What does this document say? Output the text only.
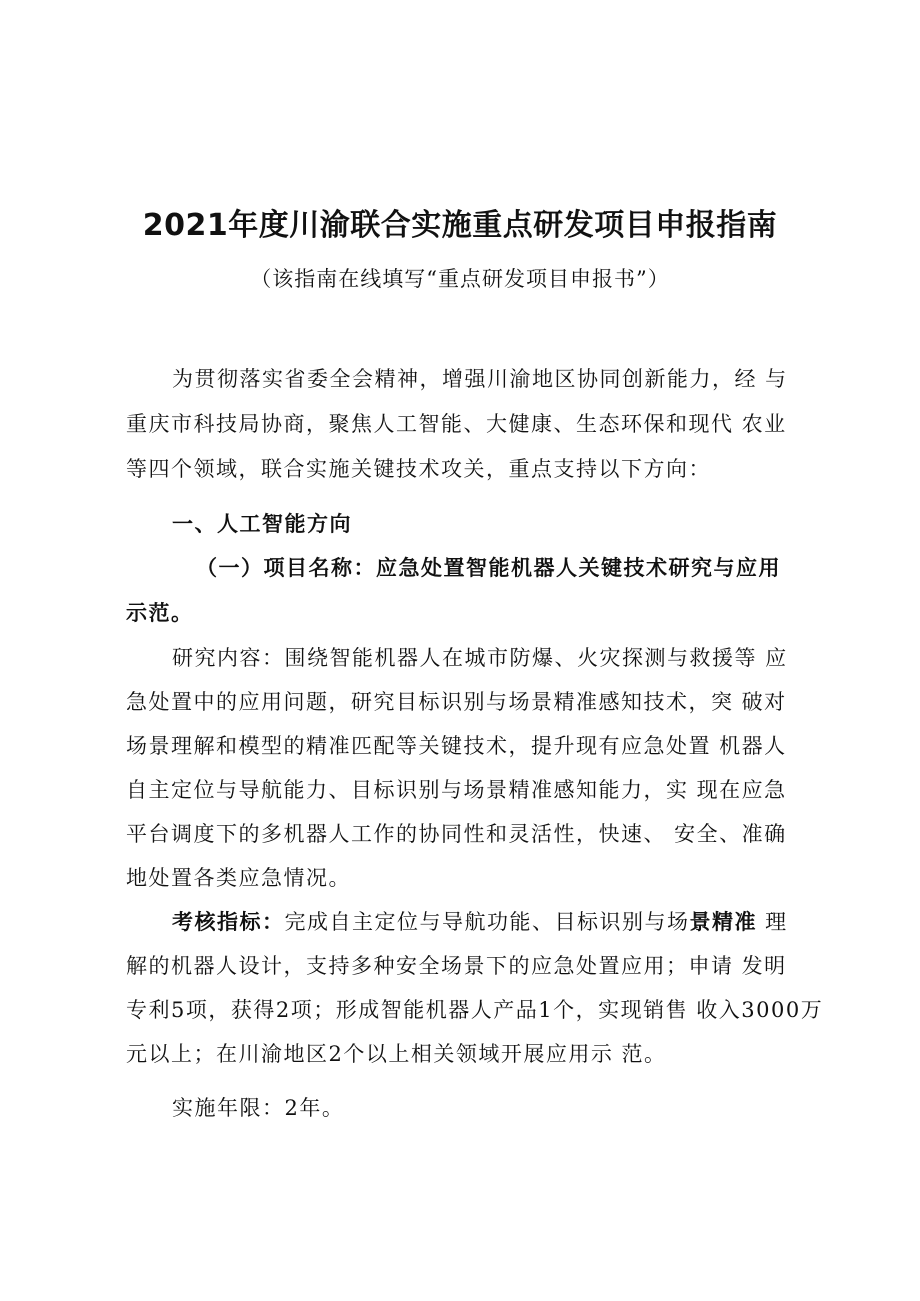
2021年度川渝联合实施重点研发项目申报指南
（该指南在线填写“重点研发项目申报书”）
为贯彻落实省委全会精神，增强川渝地区协同创新能力，经 与
重庆市科技局协商，聚焦人工智能、大健康、生态环保和现代 农业
等四个领域，联合实施关键技术攻关，重点支持以下方向：
一、人工智能方向
（一）项目名称：应急处置智能机器人关键技术研究与应用
示范。
研究内容：围绕智能机器人在城市防爆、火灾探测与救援等 应
急处置中的应用问题，研究目标识别与场景精准感知技术，突 破对
场景理解和模型的精准匹配等关键技术，提升现有应急处置 机器人
自主定位与导航能力、目标识别与场景精准感知能力，实 现在应急
平台调度下的多机器人工作的协同性和灵活性，快速、 安全、准确
地处置各类应急情况。
考核指标：完成自主定位与导航功能、目标识别与场景精准 理
解的机器人设计，支持多种安全场景下的应急处置应用；申请 发明
专利5项，获得2项；形成智能机器人产品1个，实现销售 收入3000万
元以上；在川渝地区2个以上相关领域开展应用示 范。
实施年限：2年。
